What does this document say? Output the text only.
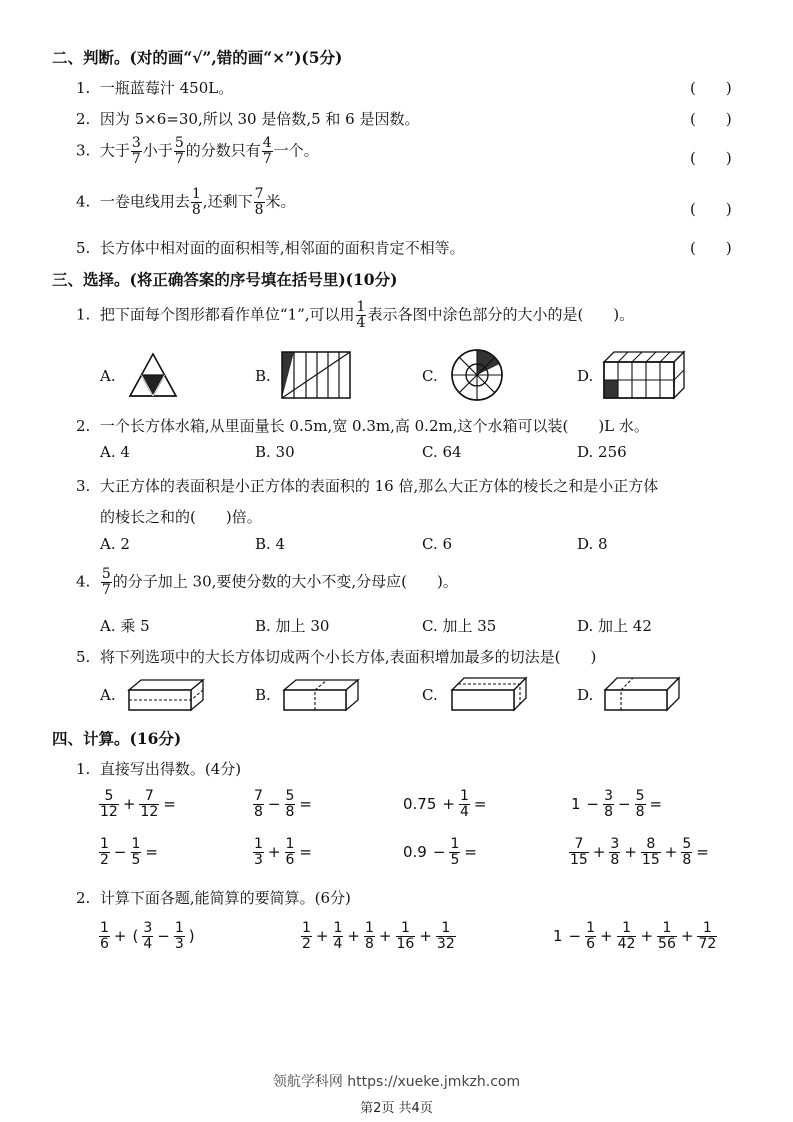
二、判断。(对的画“√”,错的画“×”)(5分)
1. 一瓶蓝莓汁 450L。	(　　)
2. 因为 5×6=30,所以 30 是倍数,5 和 6 是因数。	(　　)
3. 大于 $\frac{3}{7}$ 小于 $\frac{5}{7}$ 的分数只有 $\frac{4}{7}$ 一个。	(　　)
4. 一卷电线用去 $\frac{1}{8}$ ,还剩下 $\frac{7}{8}$ 米。	(　　)
5. 长方体中相对面的面积相等,相邻面的面积肯定不相等。	(　　)
三、选择。(将正确答案的序号填在括号里)(10分)
1. 把下面每个图形都看作单位“1”,可以用 $\frac{1}{4}$ 表示各图中涂色部分的大小的是(　　)。
A.	B.	C.	D.
2. 一个长方体水箱,从里面量长 0.5m,宽 0.3m,高 0.2m,这个水箱可以装(　　)L 水。
A. 4	B. 30	C. 64	D. 256
3. 大正方体的表面积是小正方体的表面积的 16 倍,那么大正方体的棱长之和是小正方体
的棱长之和的(　　)倍。
A. 2	B. 4	C. 6	D. 8
4. $\frac{5}{7}$ 的分子加上 30,要使分数的大小不变,分母应(　　)。
A. 乘 5	B. 加上 30	C. 加上 35	D. 加上 42
5. 将下列选项中的大长方体切成两个小长方体,表面积增加最多的切法是(　　)
A.	B.	C.	D.
四、计算。(16分)
1. 直接写出得数。(4分)
$\frac{5}{12} + \frac{7}{12}$ =	$\frac{7}{8} - \frac{5}{8}$ =	$0.75 + \frac{1}{4}$ =	$1 - \frac{3}{8} - \frac{5}{8}$ =
$\frac{1}{2} - \frac{1}{5}$ =	$\frac{1}{3} + \frac{1}{6}$ =	$0.9 - \frac{1}{5}$ =	$\frac{7}{15} + \frac{3}{8} + \frac{8}{15} + \frac{5}{8}$ =
2. 计算下面各题,能简算的要简算。(6分)
$\frac{1}{6}$ + ( $\frac{3}{4} - \frac{1}{3}$ )	$\frac{1}{2} + \frac{1}{4} + \frac{1}{8} + \frac{1}{16} + \frac{1}{32}$	$1 - \frac{1}{6} + \frac{1}{42} + \frac{1}{56} + \frac{1}{72}$
领航学科网 https://xueke.jmkzh.com
第2页 共4页
